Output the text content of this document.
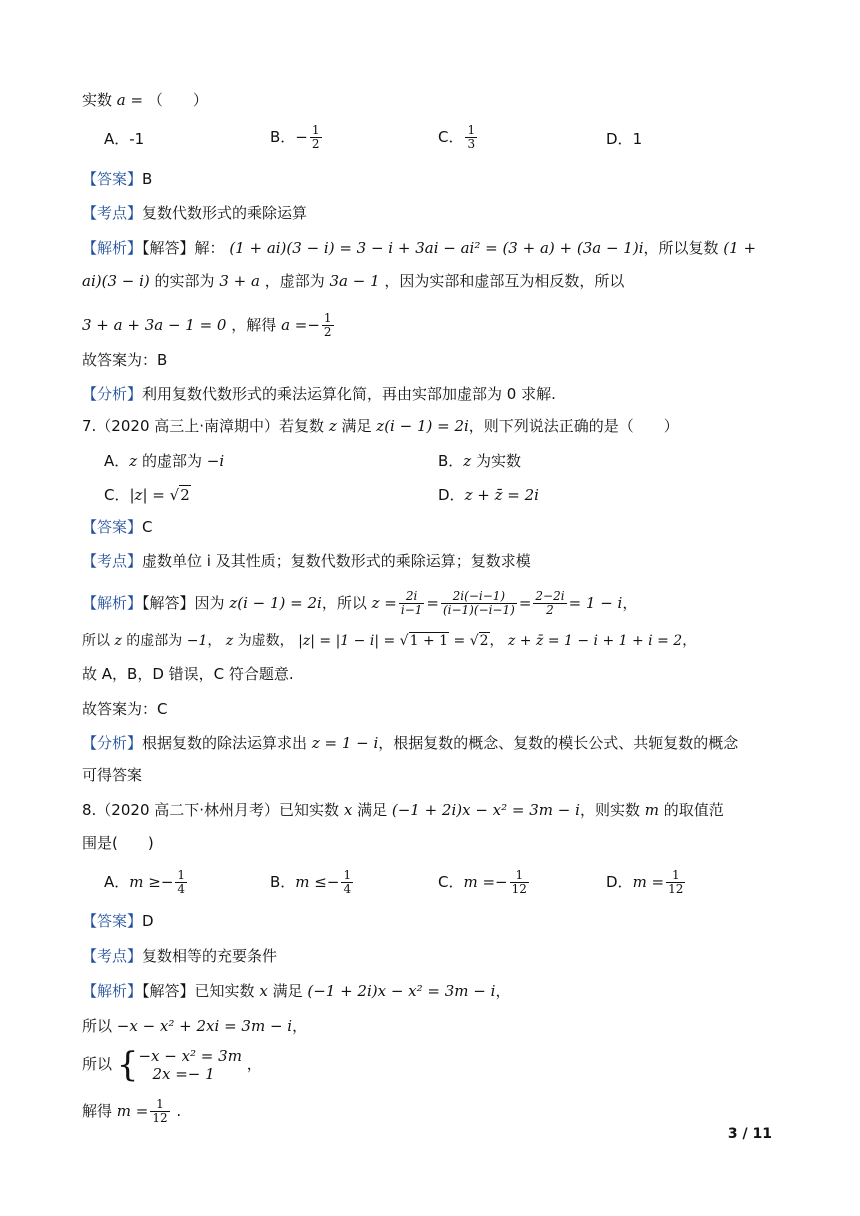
实数 a = （　　）
A．-1	B．− $\frac{1}{2}$	C． $\frac{1}{3}$	D．1
【答案】B
【考点】复数代数形式的乘除运算
【解析】【解答】解： (1 + ai)(3 − i) = 3 − i + 3ai − ai² = (3 + a) + (3a − 1)i，所以复数 (1 +
ai)(3 − i) 的实部为 3 + a ，虚部为 3a − 1 ，因为实部和虚部互为相反数，所以
3 + a + 3a − 1 = 0 ，解得 $a =- \frac{1}{2}$
故答案为：B
【分析】利用复数代数形式的乘法运算化简，再由实部加虚部为 0 求解.
7.（2020 高三上·南漳期中）若复数 z 满足 z(i − 1) = 2i，则下列说法正确的是（　　）
A．z 的虚部为 −i	B．z 为实数
C．|z| = √2	D．z + z̄ = 2i
【答案】C
【考点】虚数单位 i 及其性质；复数代数形式的乘除运算；复数求模
【解析】【解答】因为 z(i − 1) = 2i，所以 $z = \frac{2i}{i-1} = \frac{2i(-i-1)}{(i-1)(-i-1)} = \frac{2-2i}{2} = 1 - i$，
所以 z 的虚部为 −1， z 为虚数， |z| = |1 − i| = √1 + 1 = √2， z + z̄ = 1 − i + 1 + i = 2，
故 A，B，D 错误，C 符合题意.
故答案为：C
【分析】根据复数的除法运算求出 z = 1 − i，根据复数的概念、复数的模长公式、共轭复数的概念
可得答案
8.（2020 高二下·林州月考）已知实数 x 满足 (−1 + 2i)x − x² = 3m − i，则实数 m 的取值范
围是(　　)
A．$m \ge- \frac{1}{4}$	B．$m \le- \frac{1}{4}$	C．$m =- \frac{1}{12}$	D．$m = \frac{1}{12}$
【答案】D
【考点】复数相等的充要条件
【解析】【解答】已知实数 x 满足 (−1 + 2i)x − x² = 3m − i，
所以 −x − x² + 2xi = 3m − i，
所以 { −x − x² = 3m
2x =− 1
，
解得 $m = \frac{1}{12}$ .
3 / 11
